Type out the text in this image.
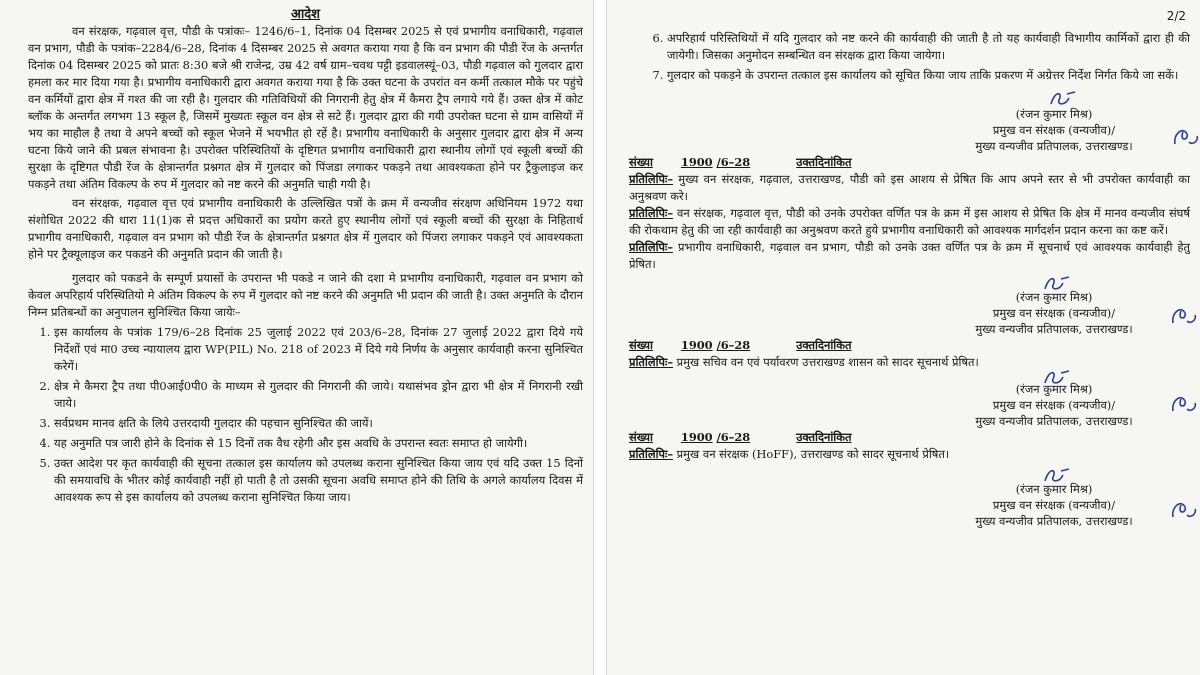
आदेश

वन संरक्षक, गढ़वाल वृत्त, पौडी के पत्रांकः– 1246/6–1, दिनांक 04 दिसम्बर 2025 से एवं प्रभागीय वनाधिकारी, गढ़वाल वन प्रभाग, पौडी के पत्रांक–2284/6–28, दिनांक 4 दिसम्बर 2025 से अवगत कराया गया है कि वन प्रभाग की पौडी रेंज के अन्तर्गत दिनांक 04 दिसम्बर 2025 को प्रातः 8:30 बजे श्री राजेन्द्र, उम्र 42 वर्ष ग्राम–चवथ पट्टी इडवालस्यूं–03, पौडी गढ़वाल को गुलदार द्वारा हमला कर मार दिया गया है। प्रभागीय वनाधिकारी द्वारा अवगत कराया गया है कि उक्त घटना के उपरांत वन कर्मी तत्काल मौके पर पहुंचे वन कर्मियों द्वारा क्षेत्र में गश्त की जा रही है। गुलदार की गतिविधियों की निगरानी हेतु क्षेत्र में कैमरा ट्रैप लगाये गये हैं। उक्त क्षेत्र में कोट ब्लॉक के अन्तर्गत लगभग 13 स्कूल है, जिसमें मुख्यतः स्कूल वन क्षेत्र से सटे हैं। गुलदार द्वारा की गयी उपरोक्त घटना से ग्राम वासियों में भय का माहौल है तथा वे अपने बच्चों को स्कूल भेजने में भयभीत हो रहें है। प्रभागीय वनाधिकारी के अनुसार गुलदार द्वारा क्षेत्र में अन्य घटना किये जाने की प्रबल संभावना है। उपरोक्त परिस्थितियों के दृष्टिगत प्रभागीय वनाधिकारी द्वारा स्थानीय लोगों एवं स्कूली बच्चों की सुरक्षा के दृष्टिगत पौडी रेंज के क्षेत्रान्तर्गत प्रश्नगत क्षेत्र में गुलदार को पिंजडा लगाकर पकड़ने तथा आवश्यकता होने पर ट्रैकुलाइज कर पकड़ने तथा अंतिम विकल्प के रुप में गुलदार को नष्ट करने की अनुमति चाही गयी है।

वन संरक्षक, गढ़वाल वृत्त एवं प्रभागीय वनाधिकारी के उल्लिखित पत्रों के क्रम में वन्यजीव संरक्षण अधिनियम 1972 यथा संशोधित 2022 की धारा 11(1)क से प्रदत्त अधिकारों का प्रयोग करते हुए स्थानीय लोगों एवं स्कूली बच्चों की सुरक्षा के निहितार्थ प्रभागीय वनाधिकारी, गढ़वाल वन प्रभाग को पौडी रेंज के क्षेत्रान्तर्गत प्रश्नगत क्षेत्र में गुलदार को पिंजरा लगाकर पकड़ने एवं आवश्यकता होने पर ट्रैक्यूलाइज कर पकडने की अनुमति प्रदान की जाती है।

गुलदार को पकडने के सम्पूर्ण प्रयासों के उपरान्त भी पकडे न जाने की दशा मे प्रभागीय वनाधिकारी, गढ़वाल वन प्रभाग को केवल अपरिहार्य परिस्थितियो मे अंतिम विकल्प के रुप में गुलदार को नष्ट करने की अनुमति भी प्रदान की जाती है। उक्त अनुमति के दौरान निम्न प्रतिबन्धों का अनुपालन सुनिश्चित किया जायेः–

1. इस कार्यालय के पत्रांक 179/6–28 दिनांक 25 जुलाई 2022 एवं 203/6–28, दिनांक 27 जुलाई 2022 द्वारा दिये गये निर्देशों एवं मा0 उच्च न्यायालय द्वारा WP(PIL) No. 218 of 2023 में दिये गये निर्णय के अनुसार कार्यवाही करना सुनिश्चित करेगें।
2. क्षेत्र मे कैमरा ट्रैप तथा पी0आई0पी0 के माध्यम से गुलदार की निगरानी की जाये। यथासंभव ड्रोन द्वारा भी क्षेत्र में निगरानी रखी जाये।
3. सर्वप्रथम मानव क्षति के लिये उत्तरदायी गुलदार की पहचान सुनिश्चित की जायें।
4. यह अनुमति पत्र जारी होने के दिनांक से 15 दिनों तक वैध रहेगी और इस अवधि के उपरान्त स्वतः समाप्त हो जायेगी।
5. उक्त आदेश पर कृत कार्यवाही की सूचना तत्काल इस कार्यालय को उपलब्ध कराना सुनिश्चित किया जाय एवं यदि उक्त 15 दिनों की समयावधि के भीतर कोई कार्यवाही नहीं हो पाती है तो उसकी सूचना अवधि समाप्त होने की तिथि के अगले कार्यालय दिवस में आवश्यक रूप से इस कार्यालय को उपलब्ध कराना सुनिश्चित किया जाय।

2/2

6. अपरिहार्य परिस्तिथियों में यदि गुलदार को नष्ट करने की कार्यवाही की जाती है तो यह कार्यवाही विभागीय कार्मिकों द्वारा ही की जायेगी। जिसका अनुमोदन सम्बन्धित वन संरक्षक द्वारा किया जायेगा।
7. गुलदार को पकड़ने के उपरान्त तत्काल इस कार्यालय को सूचित किया जाय ताकि प्रकरण में अग्रेत्तर निर्देश निर्गत किये जा सकें।

(रंजन कुमार मिश्र)

प्रमुख वन संरक्षक (वन्यजीव)/

मुख्य वन्यजीव प्रतिपालक, उत्तराखण्ड।

संख्या 1900 /6–28	उक्तदिनांकित

प्रतिलिपिः– मुख्य वन संरक्षक, गढ़वाल, उत्तराखण्ड, पौडी को इस आशय से प्रेषित कि आप अपने स्तर से भी उपरोक्त कार्यवाही का अनुश्रवण करे।

प्रतिलिपिः– वन संरक्षक, गढ़वाल वृत्त, पौडी को उनके उपरोक्त वर्णित पत्र के क्रम में इस आशय से प्रेषित कि क्षेत्र में मानव वन्यजीव संघर्ष की रोकथाम हेतु की जा रही कार्यवाही का अनुश्रवण करते हुये प्रभागीय वनाधिकारी को आवश्यक मार्गदर्शन प्रदान करना का कष्ट करें।

प्रतिलिपिः– प्रभागीय वनाधिकारी, गढ़वाल वन प्रभाग, पौडी को उनके उक्त वर्णित पत्र के क्रम में सूचनार्थ एवं आवश्यक कार्यवाही हेतु प्रेषित।

(रंजन कुमार मिश्र)

प्रमुख वन संरक्षक (वन्यजीव)/

मुख्य वन्यजीव प्रतिपालक, उत्तराखण्ड।

संख्या 1900 /6–28	उक्तदिनांकित

प्रतिलिपिः– प्रमुख सचिव वन एवं पर्यावरण उत्तराखण्ड शासन को सादर सूचनार्थ प्रेषित।

(रंजन कुमार मिश्र)

प्रमुख वन संरक्षक (वन्यजीव)/

मुख्य वन्यजीव प्रतिपालक, उत्तराखण्ड।

संख्या 1900 /6–28	उक्तदिनांकित

प्रतिलिपिः– प्रमुख वन संरक्षक (HoFF), उत्तराखण्ड को सादर सूचनार्थ प्रेषित।

(रंजन कुमार मिश्र)

प्रमुख वन संरक्षक (वन्यजीव)/

मुख्य वन्यजीव प्रतिपालक, उत्तराखण्ड।
